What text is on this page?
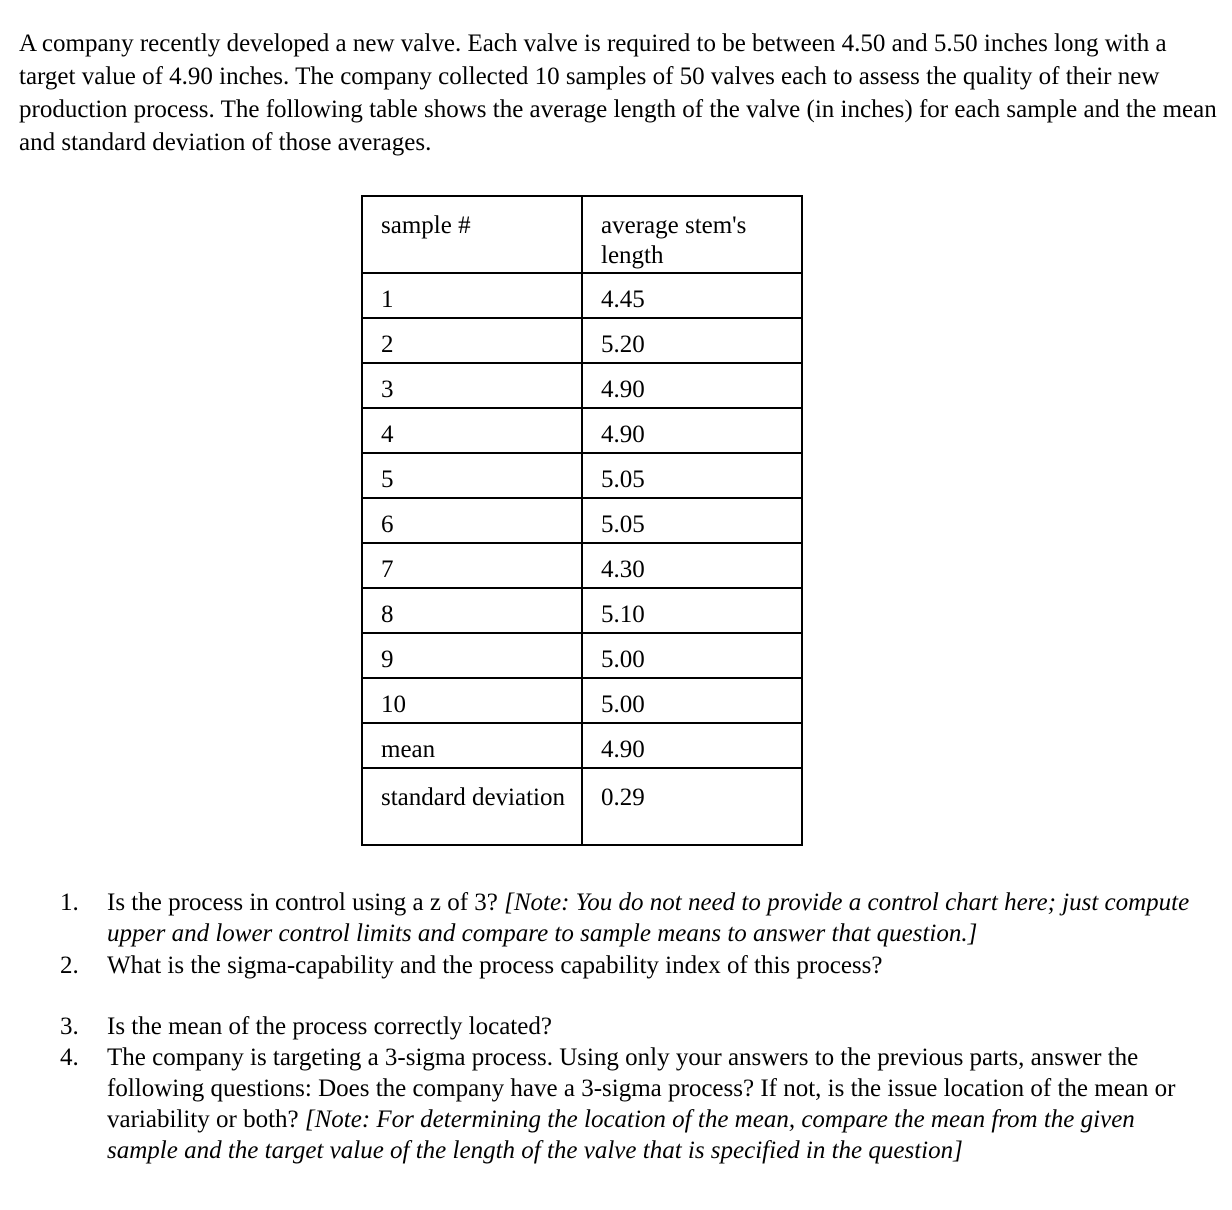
A company recently developed a new valve. Each valve is required to be between 4.50 and 5.50 inches long with a target value of 4.90 inches. The company collected 10 samples of 50 valves each to assess the quality of their new production process. The following table shows the average length of the valve (in inches) for each sample and the mean and standard deviation of those averages.

sample #	average stem's length
1	4.45
2	5.20
3	4.90
4	4.90
5	5.05
6	5.05
7	4.30
8	5.10
9	5.00
10	5.00
mean	4.90
standard deviation	0.29
1.	Is the process in control using a z of 3? [Note: You do not need to provide a control chart here; just compute upper and lower control limits and compare to sample means to answer that question.]
2.	What is the sigma-capability and the process capability index of this process?
3.	Is the mean of the process correctly located?
4.	The company is targeting a 3-sigma process. Using only your answers to the previous parts, answer the following questions: Does the company have a 3-sigma process? If not, is the issue location of the mean or variability or both? [Note: For determining the location of the mean, compare the mean from the given sample and the target value of the length of the valve that is specified in the question]
